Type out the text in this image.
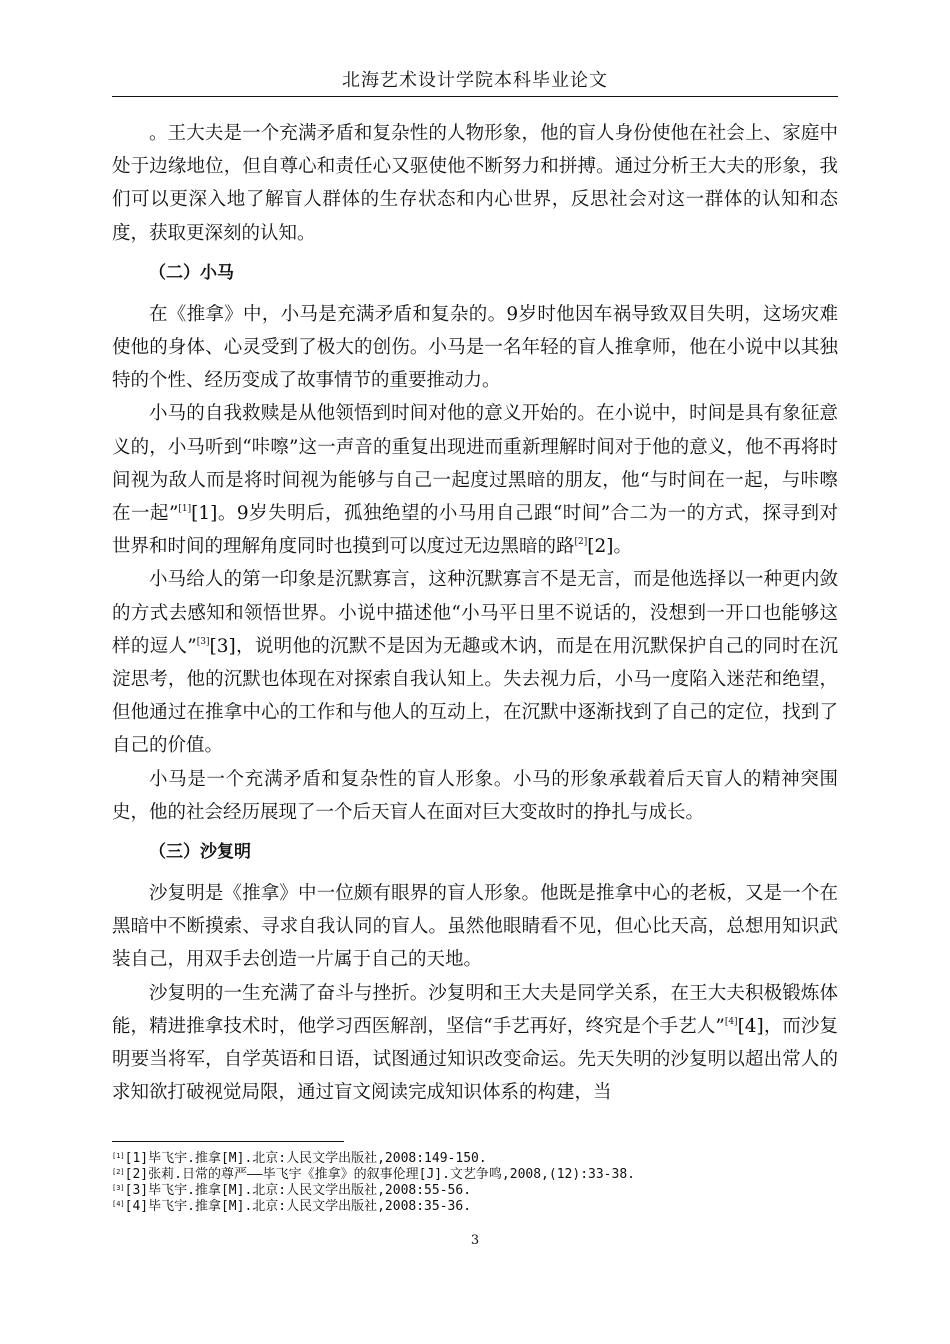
北海艺术设计学院本科毕业论文

。王大夫是一个充满矛盾和复杂性的人物形象，他的盲人身份使他在社会上、家庭中处于边缘地位，但自尊心和责任心又驱使他不断努力和拼搏。通过分析王大夫的形象，我们可以更深入地了解盲人群体的生存状态和内心世界，反思社会对这一群体的认知和态度，获取更深刻的认知。

（二）小马

在《推拿》中，小马是充满矛盾和复杂的。9岁时他因车祸导致双目失明，这场灾难使他的身体、心灵受到了极大的创伤。小马是一名年轻的盲人推拿师，他在小说中以其独特的个性、经历变成了故事情节的重要推动力。

小马的自我救赎是从他领悟到时间对他的意义开始的。在小说中，时间是具有象征意义的，小马听到“咔嚓”这一声音的重复出现进而重新理解时间对于他的意义，他不再将时间视为敌人而是将时间视为能够与自己一起度过黑暗的朋友，他“与时间在一起，与咔嚓在一起”[1][1]。9岁失明后，孤独绝望的小马用自己跟“时间”合二为一的方式，探寻到对世界和时间的理解角度同时也摸到可以度过无边黑暗的路[2][2]。

小马给人的第一印象是沉默寡言，这种沉默寡言不是无言，而是他选择以一种更内敛的方式去感知和领悟世界。小说中描述他“小马平日里不说话的，没想到一开口也能够这样的逗人”[3][3]，说明他的沉默不是因为无趣或木讷，而是在用沉默保护自己的同时在沉淀思考，他的沉默也体现在对探索自我认知上。失去视力后，小马一度陷入迷茫和绝望，但他通过在推拿中心的工作和与他人的互动上，在沉默中逐渐找到了自己的定位，找到了自己的价值。

小马是一个充满矛盾和复杂性的盲人形象。小马的形象承载着后天盲人的精神突围史，他的社会经历展现了一个后天盲人在面对巨大变故时的挣扎与成长。

（三）沙复明

沙复明是《推拿》中一位颇有眼界的盲人形象。他既是推拿中心的老板，又是一个在黑暗中不断摸索、寻求自我认同的盲人。虽然他眼睛看不见，但心比天高，总想用知识武装自己，用双手去创造一片属于自己的天地。

沙复明的一生充满了奋斗与挫折。沙复明和王大夫是同学关系，在王大夫积极锻炼体能，精进推拿技术时，他学习西医解剖，坚信“手艺再好，终究是个手艺人”[4][4]，而沙复明要当将军，自学英语和日语，试图通过知识改变命运。先天失明的沙复明以超出常人的求知欲打破视觉局限，通过盲文阅读完成知识体系的构建，当

[1][1]毕飞宇.推拿[M].北京:人民文学出版社,2008:149-150.

[2][2]张莉.日常的尊严——毕飞宇《推拿》的叙事伦理[J].文艺争鸣,2008,(12):33-38.

[3][3]毕飞宇.推拿[M].北京:人民文学出版社,2008:55-56.

[4][4]毕飞宇.推拿[M].北京:人民文学出版社,2008:35-36.

3
